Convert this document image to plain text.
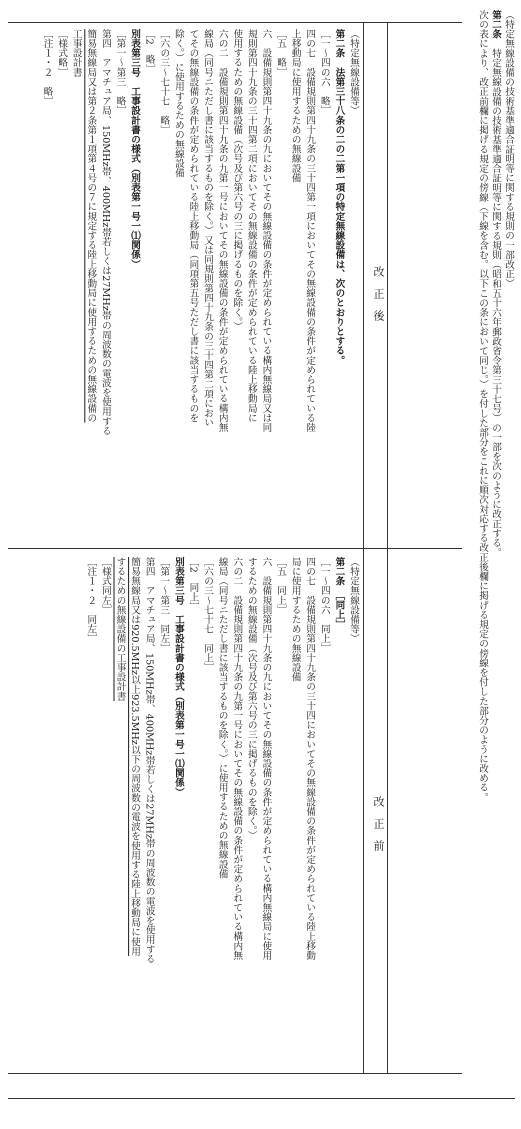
（特定無線設備の技術基準適合証明等に関する規則の一部改正）
第二条　特定無線設備の技術基準適合証明等に関する規則（昭和五十六年郵政省令第三十七号）の一部を次のように改正する。
次の表により、改正前欄に掲げる規定の傍線（下線を含む。以下この条において同じ。）を付した部分をこれに順次対応する改正後欄に掲げる規定の傍線を付した部分のように改める。
改　正　後
改　正　前
（特定無線設備等）
第二条　法第三十八条の二の二第一項の特定無線設備は、次のとおりとする。
［一〜四の六　略］
四の七　設備規則第四十九条の三十四第一項においてその無線設備の条件が定められている陸
上移動局に使用するための無線設備
［五　略］
六　設備規則第四十九条の九においてその無線設備の条件が定められている構内無線局又は同
規則第四十九条の三十四第二項においてその無線設備の条件が定められている陸上移動局に
使用するための無線設備（次号及び第六号の三に掲げるものを除く。）
六の二　設備規則第四十九条の九第一号においてその無線設備の条件が定められている構内無
線局（同号ニただし書に該当するものを除く。）又は同規則第四十九条の三十四第二項におい
てその無線設備の条件が定められている陸上移動局（同項第五号ただし書に該当するものを
除く。）に使用するための無線設備
［六の三〜七十七　略］
［2　略］
別表第三号　工事設計書の様式（別表第一号一⑴関係）
［第一〜第三　略］
第四　アマチュア局、150MHz帯、400MHz帯若しくは27MHz帯の周波数の電波を使用する
簡易無線局又は第２条第１項第４号の７に規定する陸上移動局に使用するための無線設備の
工事設計書
［様式略］
［注１・２　略］
（特定無線設備等）
第二条　［同上］
［一〜四の六　同上］
四の七　設備規則第四十九条の三十四においてその無線設備の条件が定められている陸上移動
局に使用するための無線設備
［五　同上］
六　設備規則第四十九条の九においてその無線設備の条件が定められている構内無線局に使用
するための無線設備（次号及び第六号の三に掲げるものを除く。）
六の二　設備規則第四十九条の九第一号においてその無線設備の条件が定められている構内無
線局（同号ニただし書に該当するものを除く。）に使用するための無線設備
［六の三〜七十七　同上］
［2　同上］
別表第三号　工事設計書の様式（別表第一号一⑴関係）
［第一〜第三　同左］
第四　アマチュア局、150MHz帯、400MHz帯若しくは27MHz帯の周波数の電波を使用する
簡易無線局又は920.5MHz以上923.5MHz以下の周波数の電波を使用する陸上移動局に使用
するための無線設備の工事設計書
［様式同左］
［注１・２　同左］
